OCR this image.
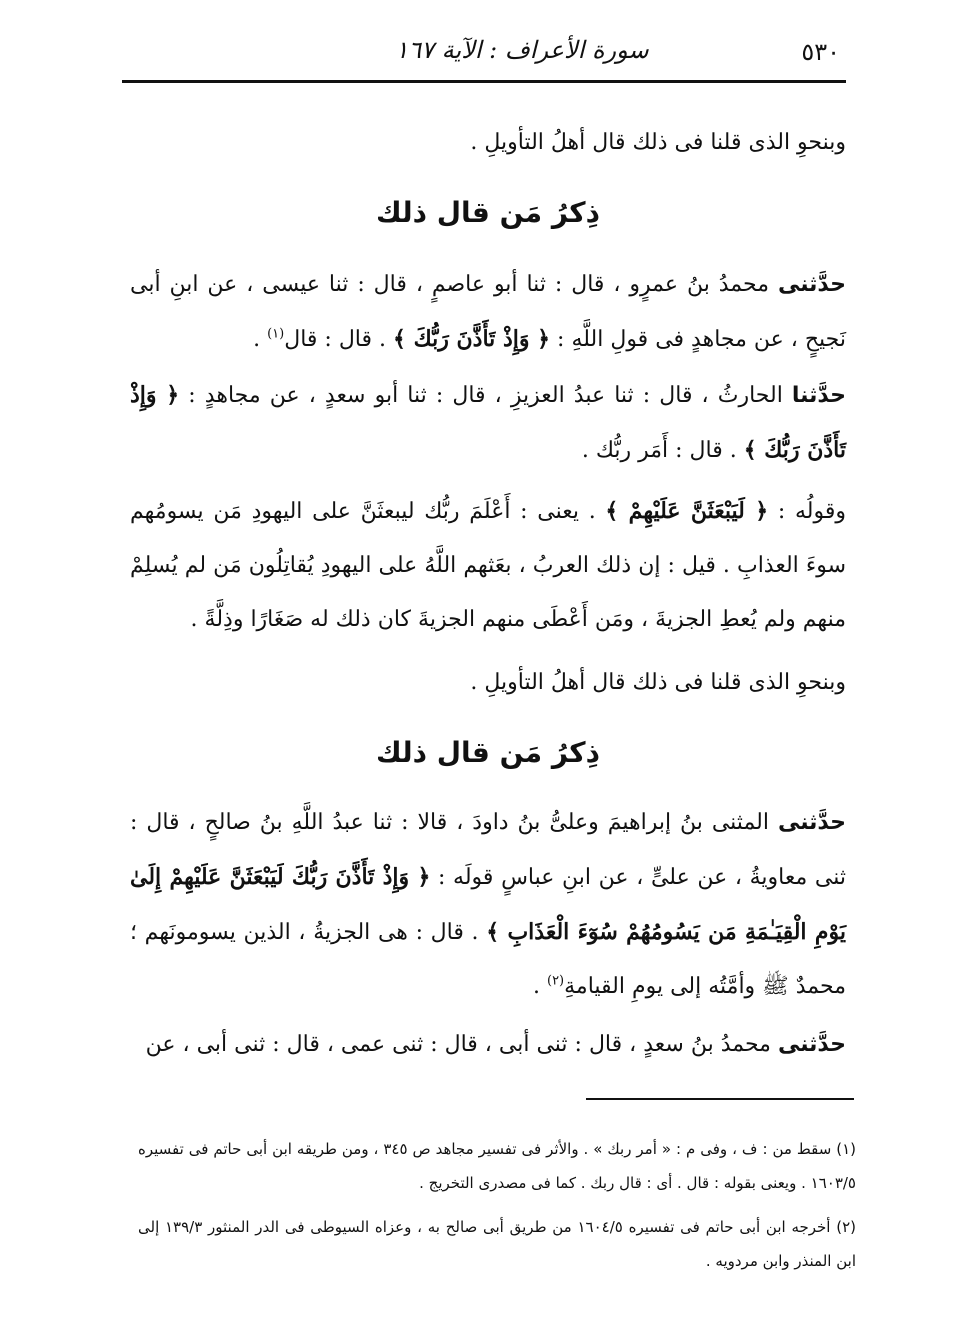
٥٣٠
سورة الأعراف : الآية ١٦٧

وبنحوِ الذى قلنا فى ذلك قال أهلُ التأويلِ .

ذِكرُ مَن قال ذلك

حدَّثنى محمدُ بنُ عمرٍو ، قال : ثنا أبو عاصمٍ ، قال : ثنا عيسى ، عن ابنِ أبى نَجيحٍ ، عن مجاهدٍ فى قولِ اللَّهِ : ﴿ وَإِذْ تَأَذَّنَ رَبُّكَ ﴾ . قال : قال$^{(١)}$ .

حدَّثنا الحارثُ ، قال : ثنا عبدُ العزيزِ ، قال : ثنا أبو سعدٍ ، عن مجاهدٍ : ﴿ وَإِذْ تَأَذَّنَ رَبُّكَ ﴾ . قال : أَمَر ربُّك .

وقولُه : ﴿ لَيَبْعَثَنَّ عَلَيْهِمْ ﴾ . يعنى : أَعْلَمَ ربُّك ليبعثَنَّ على اليهودِ مَن يسومُهم سوءَ العذابِ . قيل : إن ذلك العربُ ، بعَثهم اللَّهُ على اليهودِ يُقاتِلُون مَن لم يُسلِمْ منهم ولم يُعطِ الجزيةَ ، ومَن أَعْطَى منهم الجزيةَ كان ذلك له صَغَارًا وذِلَّةً .

وبنحوِ الذى قلنا فى ذلك قال أهلُ التأويلِ .

ذِكرُ مَن قال ذلك

حدَّثنى المثنى بنُ إبراهيمَ وعلىُّ بنُ داودَ ، قالا : ثنا عبدُ اللَّهِ بنُ صالحٍ ، قال : ثنى معاويةُ ، عن علىٍّ ، عن ابنِ عباسٍ قولَه : ﴿ وَإِذْ تَأَذَّنَ رَبُّكَ لَيَبْعَثَنَّ عَلَيْهِمْ إِلَىٰ يَوْمِ الْقِيَـٰمَةِ مَن يَسُومُهُمْ سُوٓءَ الْعَذَابِ ﴾ . قال : هى الجزيةُ ، الذين يسومونَهم ؛ محمدٌ ﷺ وأمَّتُه إلى يومِ القيامةِ$^{(٢)}$ .

حدَّثنى محمدُ بنُ سعدٍ ، قال : ثنى أبى ، قال : ثنى عمى ، قال : ثنى أبى ، عن

(١) سقط من : ف ، وفى م : « أمر ربك » . والأثر فى تفسير مجاهد ص ٣٤٥ ، ومن طريقه ابن أبى حاتم فى تفسيره ١٦٠٣/٥ . ويعنى بقوله : قال . أى : قال ربك . كما فى مصدرى التخريج .

(٢) أخرجه ابن أبى حاتم فى تفسيره ١٦٠٤/٥ من طريق أبى صالح به ، وعزاه السيوطى فى الدر المنثور ١٣٩/٣ إلى ابن المنذر وابن مردويه .
